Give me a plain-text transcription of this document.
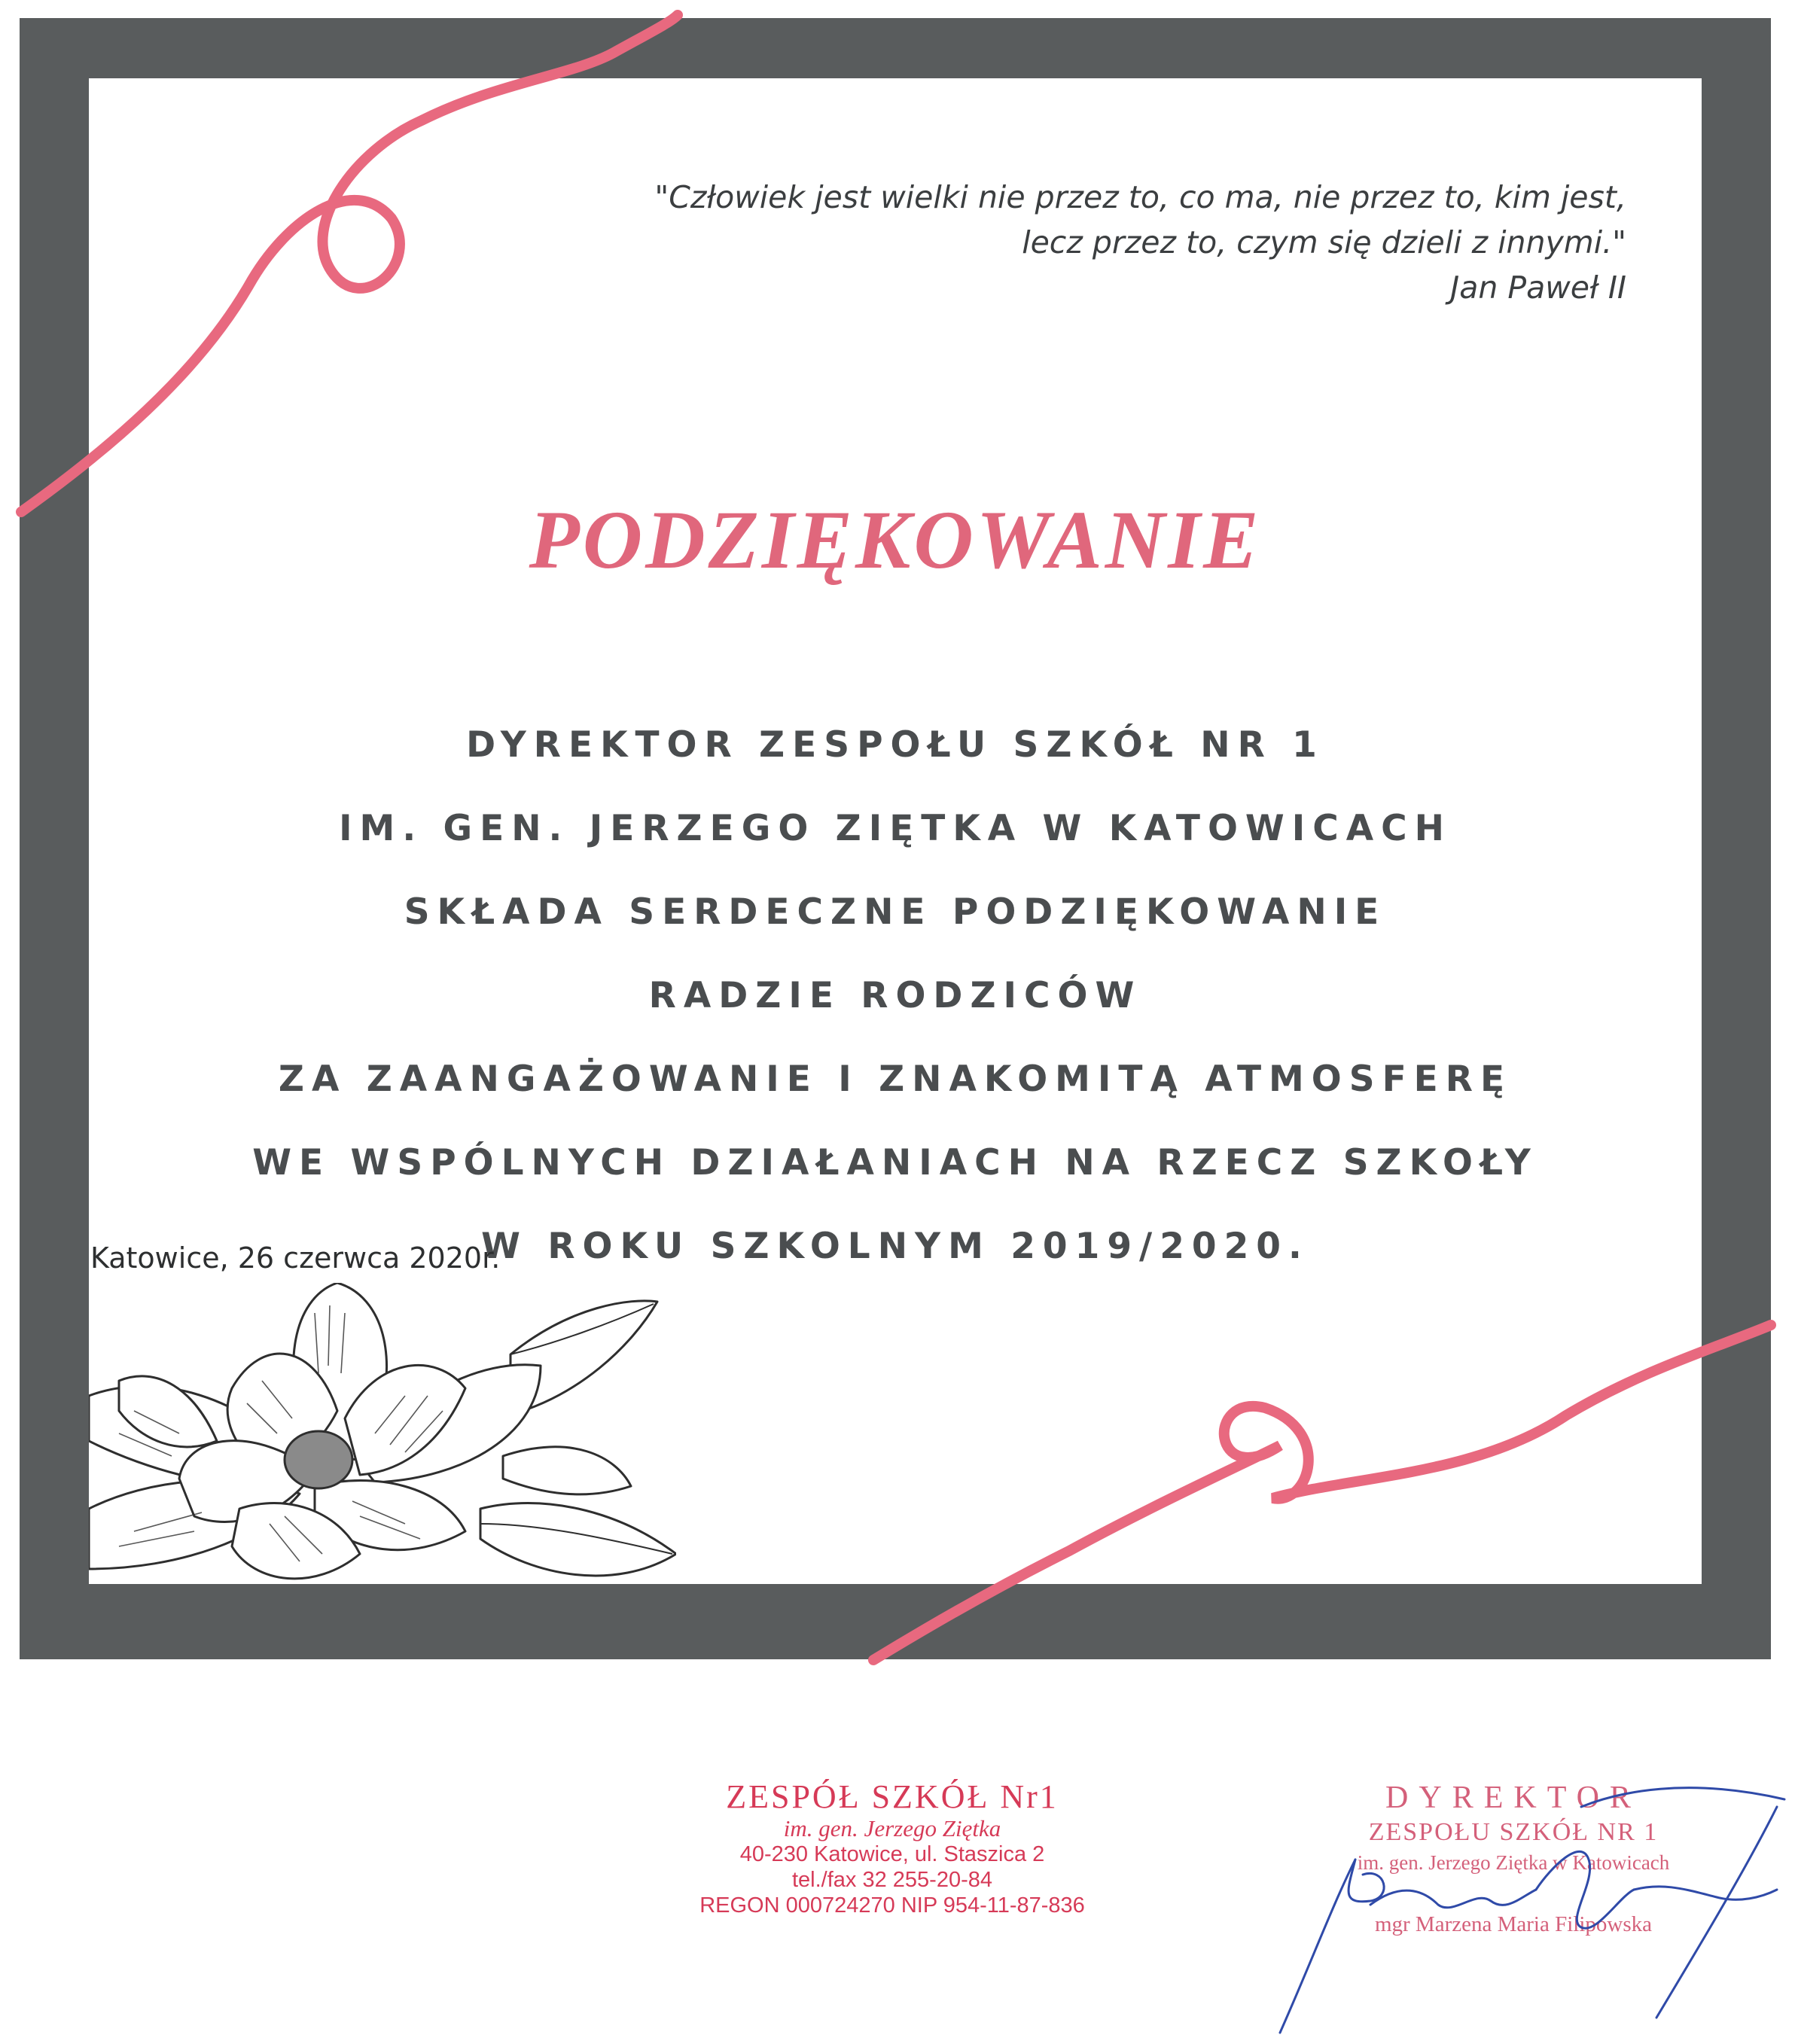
"Człowiek jest wielki nie przez to, co ma, nie przez to, kim jest,
lecz przez to, czym się dzieli z innymi."
Jan Paweł II
PODZIĘKOWANIE
DYREKTOR ZESPOŁU SZKÓŁ NR 1
IM. GEN. JERZEGO ZIĘTKA W KATOWICACH
SKŁADA SERDECZNE PODZIĘKOWANIE
RADZIE RODZICÓW
ZA ZAANGAŻOWANIE I ZNAKOMITĄ ATMOSFERĘ
WE WSPÓLNYCH DZIAŁANIACH NA RZECZ SZKOŁY
W ROKU SZKOLNYM 2019/2020.
Katowice, 26 czerwca 2020r.
ZESPÓŁ SZKÓŁ Nr1
im. gen. Jerzego Ziętka
40-230 Katowice, ul. Staszica 2
tel./fax 32 255-20-84
REGON 000724270 NIP 954-11-87-836
DYREKTOR
ZESPOŁU SZKÓŁ NR 1
im. gen. Jerzego Ziętka w Katowicach
mgr Marzena Maria Filipowska
